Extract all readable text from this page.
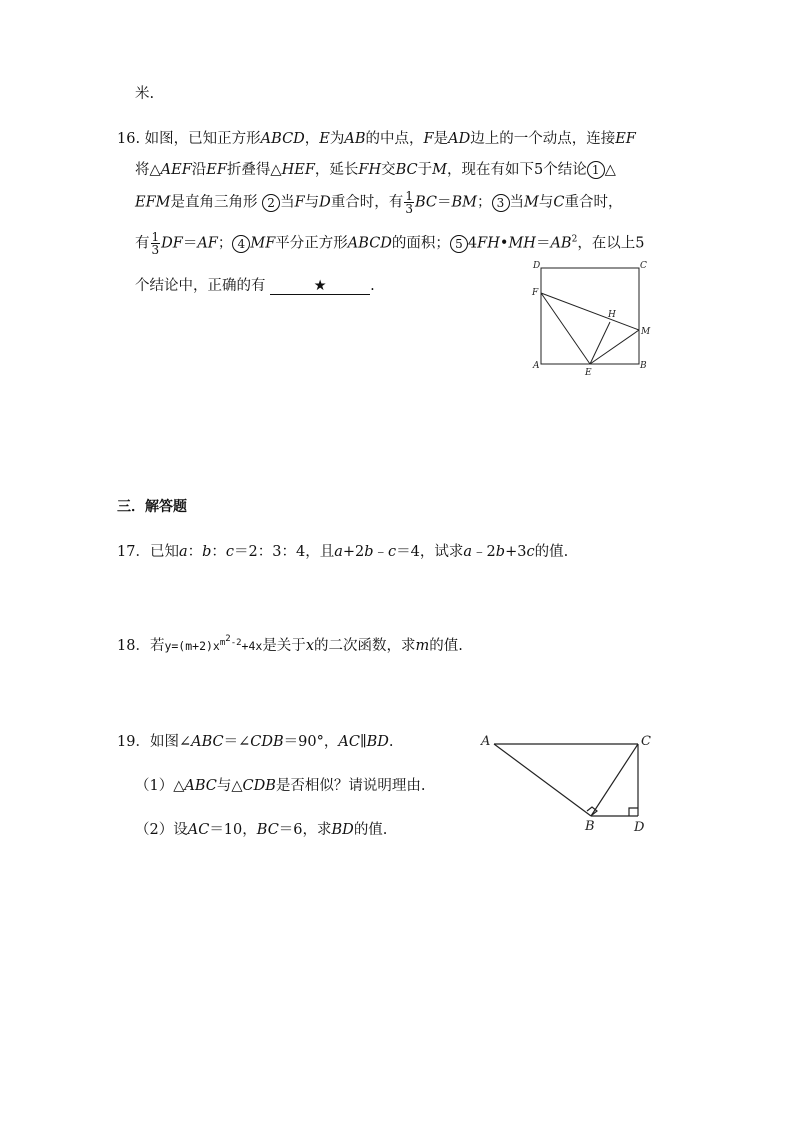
米.
16. 如图，已知正方形ABCD，E为AB的中点，F是AD边上的一个动点，连接EF
将△AEF沿EF折叠得△HEF，延长FH交BC于M，现在有如下5个结论 1 △
EFM是直角三角形 2 当F与D重合时，有 $\frac{1}{3} BC=BM$； 3 当M与C重合时，
有 $\frac{1}{3} DF=AF$； 4 MF平分正方形ABCD的面积； 5 $4FH•MH=AB^2$，在以上5
个结论中，正确的有	★	.
D	C
F
H
M
A
E
B
三．解答题
17．已知a：b：c＝2：3：4，且a+2b﹣c＝4，试求a﹣2b+3c的值.
18．若$y=(m+2)x^{m^2-2}+4x$是关于x的二次函数，求m的值.
19．如图∠ABC＝∠CDB＝90°，AC∥BD.
（1）△ABC与△CDB是否相似？请说明理由.
（2）设AC＝10，BC＝6，求BD的值.
A	C
B	D
